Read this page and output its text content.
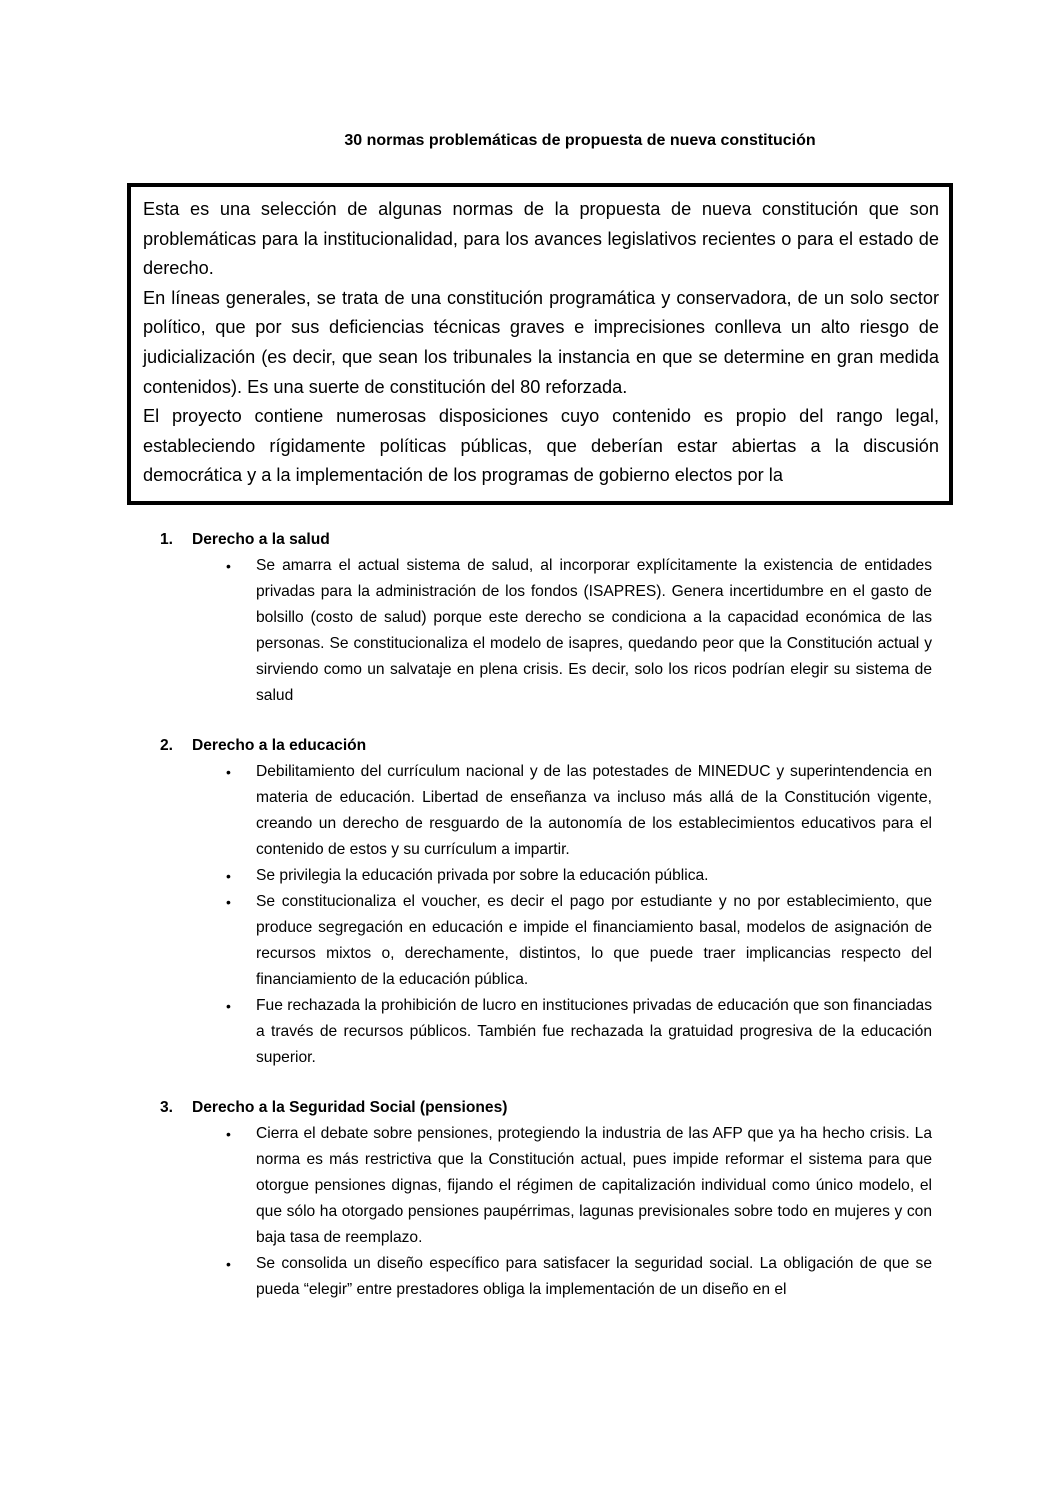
30 normas problemáticas de propuesta de nueva constitución

Esta es una selección de algunas normas de la propuesta de nueva constitución que son problemáticas para la institucionalidad, para los avances legislativos recientes o para el estado de derecho.

En líneas generales, se trata de una constitución programática y conservadora, de un solo sector político, que por sus deficiencias técnicas graves e imprecisiones conlleva un alto riesgo de judicialización (es decir, que sean los tribunales la instancia en que se determine en gran medida contenidos). Es una suerte de constitución del 80 reforzada.

El proyecto contiene numerosas disposiciones cuyo contenido es propio del rango legal, estableciendo rígidamente políticas públicas, que deberían estar abiertas a la discusión democrática y a la implementación de los programas de gobierno electos por la

1.	Derecho a la salud
• Se amarra el actual sistema de salud, al incorporar explícitamente la existencia de entidades privadas para la administración de los fondos (ISAPRES). Genera incertidumbre en el gasto de bolsillo (costo de salud) porque este derecho se condiciona a la capacidad económica de las personas. Se constitucionaliza el modelo de isapres, quedando peor que la Constitución actual y sirviendo como un salvataje en plena crisis. Es decir, solo los ricos podrían elegir su sistema de salud
2.	Derecho a la educación
• Debilitamiento del currículum nacional y de las potestades de MINEDUC y superintendencia en materia de educación. Libertad de enseñanza va incluso más allá de la Constitución vigente, creando un derecho de resguardo de la autonomía de los establecimientos educativos para el contenido de estos y su currículum a impartir.
• Se privilegia la educación privada por sobre la educación pública.
• Se constitucionaliza el voucher, es decir el pago por estudiante y no por establecimiento, que produce segregación en educación e impide el financiamiento basal, modelos de asignación de recursos mixtos o, derechamente, distintos, lo que puede traer implicancias respecto del financiamiento de la educación pública.
• Fue rechazada la prohibición de lucro en instituciones privadas de educación que son financiadas a través de recursos públicos. También fue rechazada la gratuidad progresiva de la educación superior.
3.	Derecho a la Seguridad Social (pensiones)
• Cierra el debate sobre pensiones, protegiendo la industria de las AFP que ya ha hecho crisis. La norma es más restrictiva que la Constitución actual, pues impide reformar el sistema para que otorgue pensiones dignas, fijando el régimen de capitalización individual como único modelo, el que sólo ha otorgado pensiones paupérrimas, lagunas previsionales sobre todo en mujeres y con baja tasa de reemplazo.
• Se consolida un diseño específico para satisfacer la seguridad social. La obligación de que se pueda “elegir” entre prestadores obliga la implementación de un diseño en el
